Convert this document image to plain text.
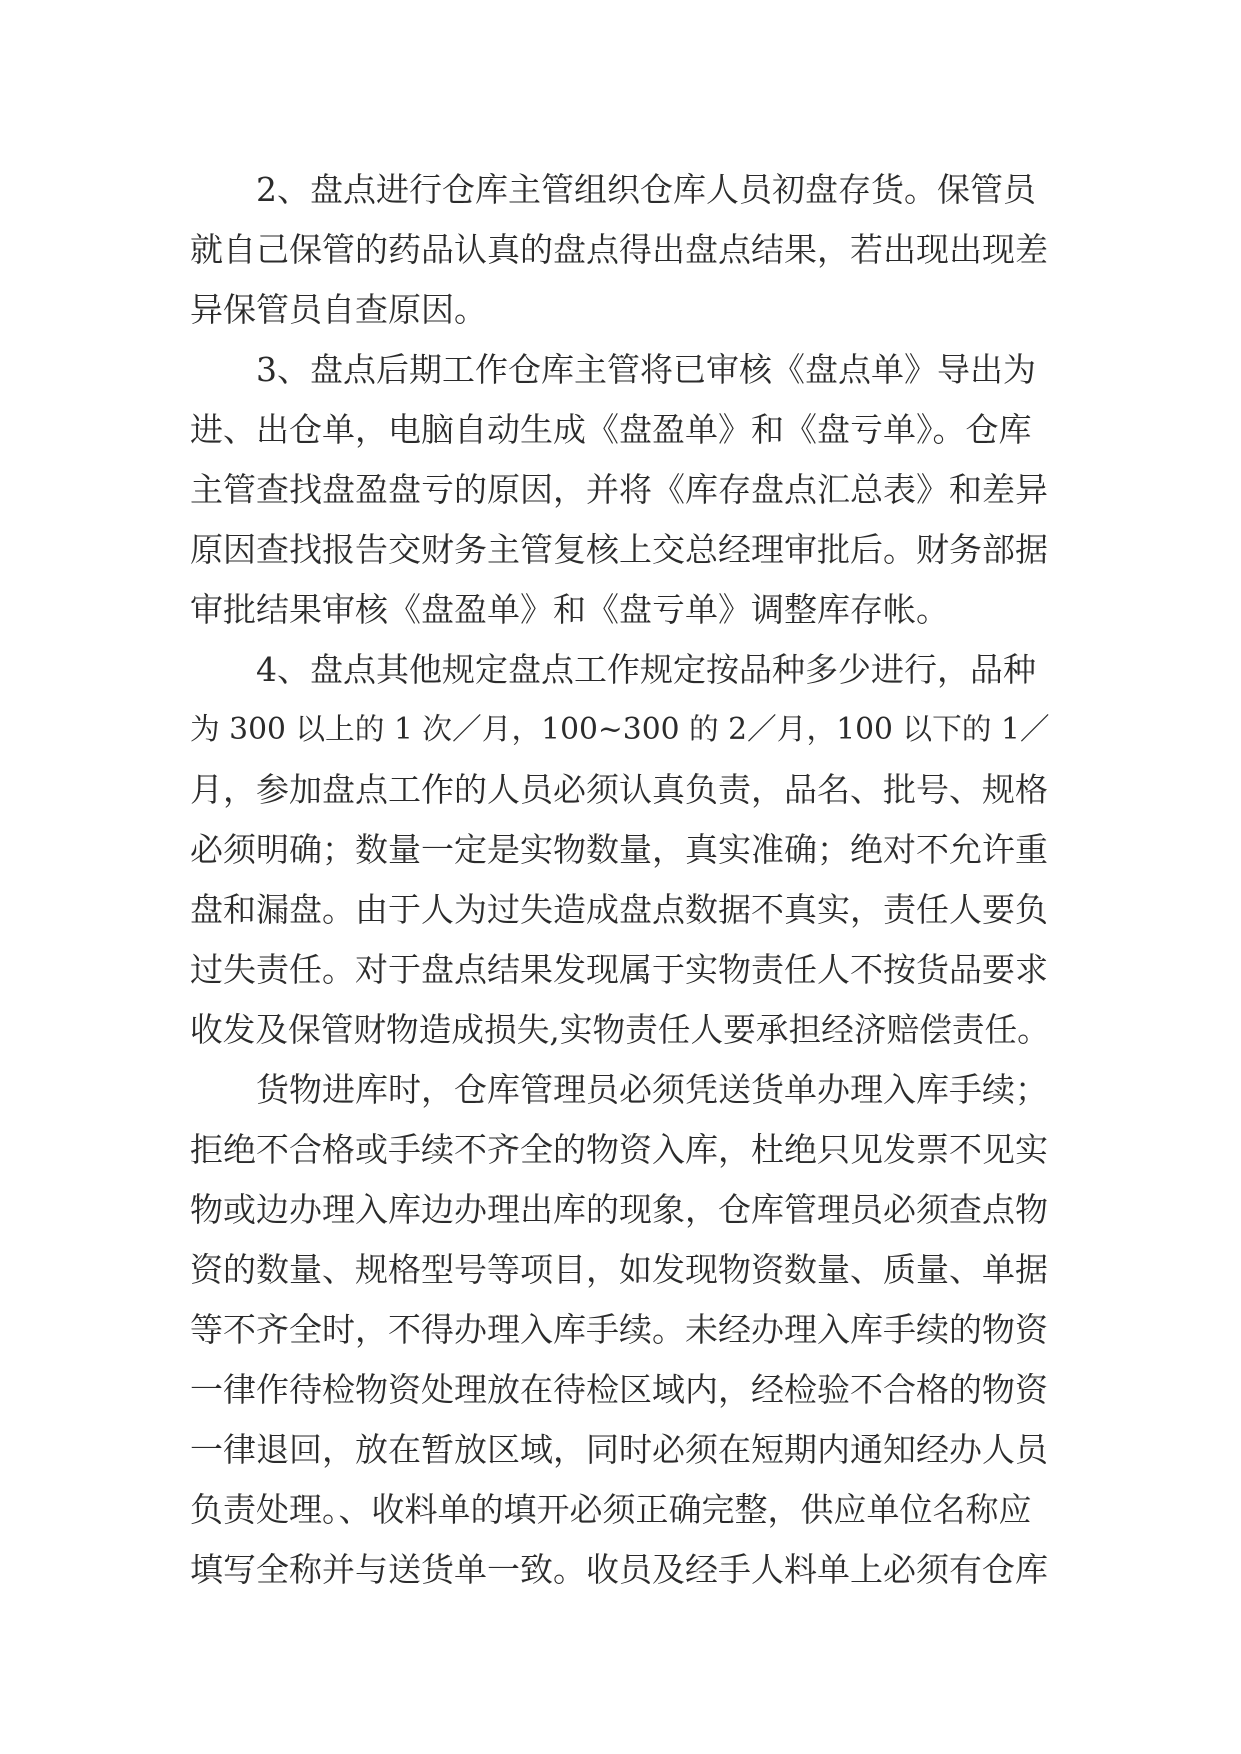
2、盘点进行仓库主管组织仓库人员初盘存货。保管员
就自己保管的药品认真的盘点得出盘点结果，若出现出现差
异保管员自查原因。
3、盘点后期工作仓库主管将已审核《盘点单》导出为
进、出仓单，电脑自动生成《盘盈单》和《盘亏单》。仓库
主管查找盘盈盘亏的原因，并将《库存盘点汇总表》和差异
原因查找报告交财务主管复核上交总经理审批后。财务部据
审批结果审核《盘盈单》和《盘亏单》调整库存帐。
4、盘点其他规定盘点工作规定按品种多少进行，品种
为 300 以上的 1 次／月，100~300 的 2／月，100 以下的 1／
月，参加盘点工作的人员必须认真负责，品名、批号、规格
必须明确；数量一定是实物数量，真实准确；绝对不允许重
盘和漏盘。由于人为过失造成盘点数据不真实，责任人要负
过失责任。对于盘点结果发现属于实物责任人不按货品要求
收发及保管财物造成损失,实物责任人要承担经济赔偿责任。
货物进库时，仓库管理员必须凭送货单办理入库手续；
拒绝不合格或手续不齐全的物资入库，杜绝只见发票不见实
物或边办理入库边办理出库的现象，仓库管理员必须查点物
资的数量、规格型号等项目，如发现物资数量、质量、单据
等不齐全时，不得办理入库手续。未经办理入库手续的物资
一律作待检物资处理放在待检区域内，经检验不合格的物资
一律退回，放在暂放区域，同时必须在短期内通知经办人员
负责处理。、收料单的填开必须正确完整，供应单位名称应
填写全称并与送货单一致。收员及经手人料单上必须有仓库
